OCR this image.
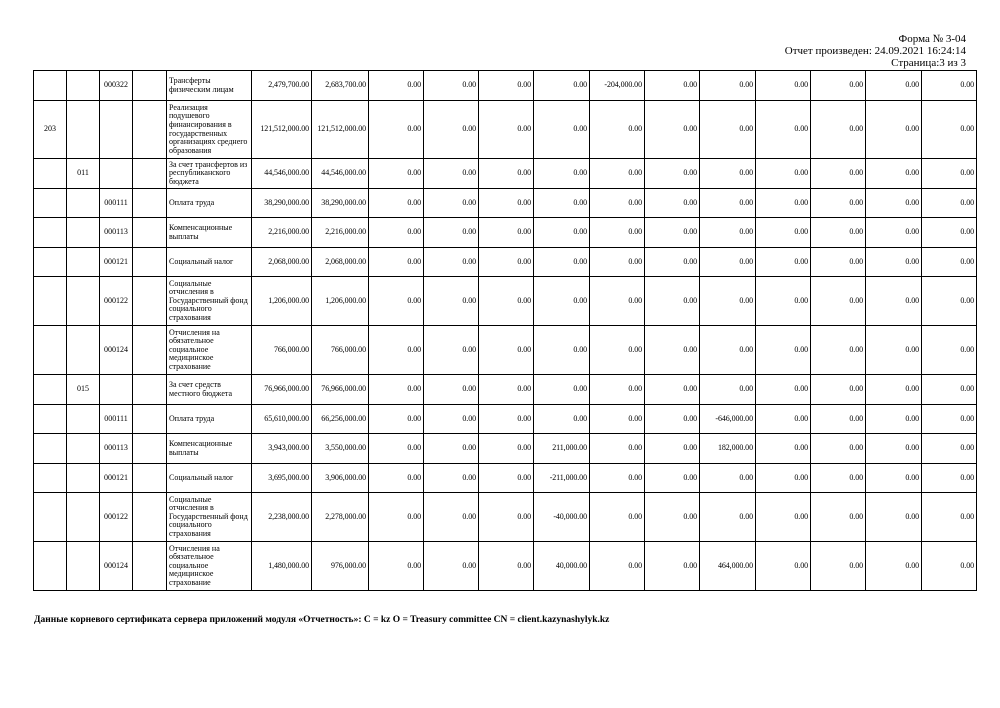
Форма № 3-04
Отчет произведен: 24.09.2021 16:24:14
Страница:3 из 3
		000322		Трансферты физическим лицам	2,479,700.00	2,683,700.00	0.00	0.00	0.00	0.00	-204,000.00	0.00	0.00	0.00	0.00	0.00	0.00
203				Реализация подушевого финансирования в государственных организациях среднего образования	121,512,000.00	121,512,000.00	0.00	0.00	0.00	0.00	0.00	0.00	0.00	0.00	0.00	0.00	0.00
	011			За счет трансфертов из республиканского бюджета	44,546,000.00	44,546,000.00	0.00	0.00	0.00	0.00	0.00	0.00	0.00	0.00	0.00	0.00	0.00
		000111		Оплата труда	38,290,000.00	38,290,000.00	0.00	0.00	0.00	0.00	0.00	0.00	0.00	0.00	0.00	0.00	0.00
		000113		Компенсационные выплаты	2,216,000.00	2,216,000.00	0.00	0.00	0.00	0.00	0.00	0.00	0.00	0.00	0.00	0.00	0.00
		000121		Социальный налог	2,068,000.00	2,068,000.00	0.00	0.00	0.00	0.00	0.00	0.00	0.00	0.00	0.00	0.00	0.00
		000122		Социальные отчисления в Государственный фонд социального страхования	1,206,000.00	1,206,000.00	0.00	0.00	0.00	0.00	0.00	0.00	0.00	0.00	0.00	0.00	0.00
		000124		Отчисления на обязательное социальное медицинское страхование	766,000.00	766,000.00	0.00	0.00	0.00	0.00	0.00	0.00	0.00	0.00	0.00	0.00	0.00
	015			За счет средств местного бюджета	76,966,000.00	76,966,000.00	0.00	0.00	0.00	0.00	0.00	0.00	0.00	0.00	0.00	0.00	0.00
		000111		Оплата труда	65,610,000.00	66,256,000.00	0.00	0.00	0.00	0.00	0.00	0.00	-646,000.00	0.00	0.00	0.00	0.00
		000113		Компенсационные выплаты	3,943,000.00	3,550,000.00	0.00	0.00	0.00	211,000.00	0.00	0.00	182,000.00	0.00	0.00	0.00	0.00
		000121		Социальный налог	3,695,000.00	3,906,000.00	0.00	0.00	0.00	-211,000.00	0.00	0.00	0.00	0.00	0.00	0.00	0.00
		000122		Социальные отчисления в Государственный фонд социального страхования	2,238,000.00	2,278,000.00	0.00	0.00	0.00	-40,000.00	0.00	0.00	0.00	0.00	0.00	0.00	0.00
		000124		Отчисления на обязательное социальное медицинское страхование	1,480,000.00	976,000.00	0.00	0.00	0.00	40,000.00	0.00	0.00	464,000.00	0.00	0.00	0.00	0.00
Данные корневого сертификата сервера приложений модуля «Отчетность»: C = kz O = Treasury committee CN = client.kazynashylyk.kz
